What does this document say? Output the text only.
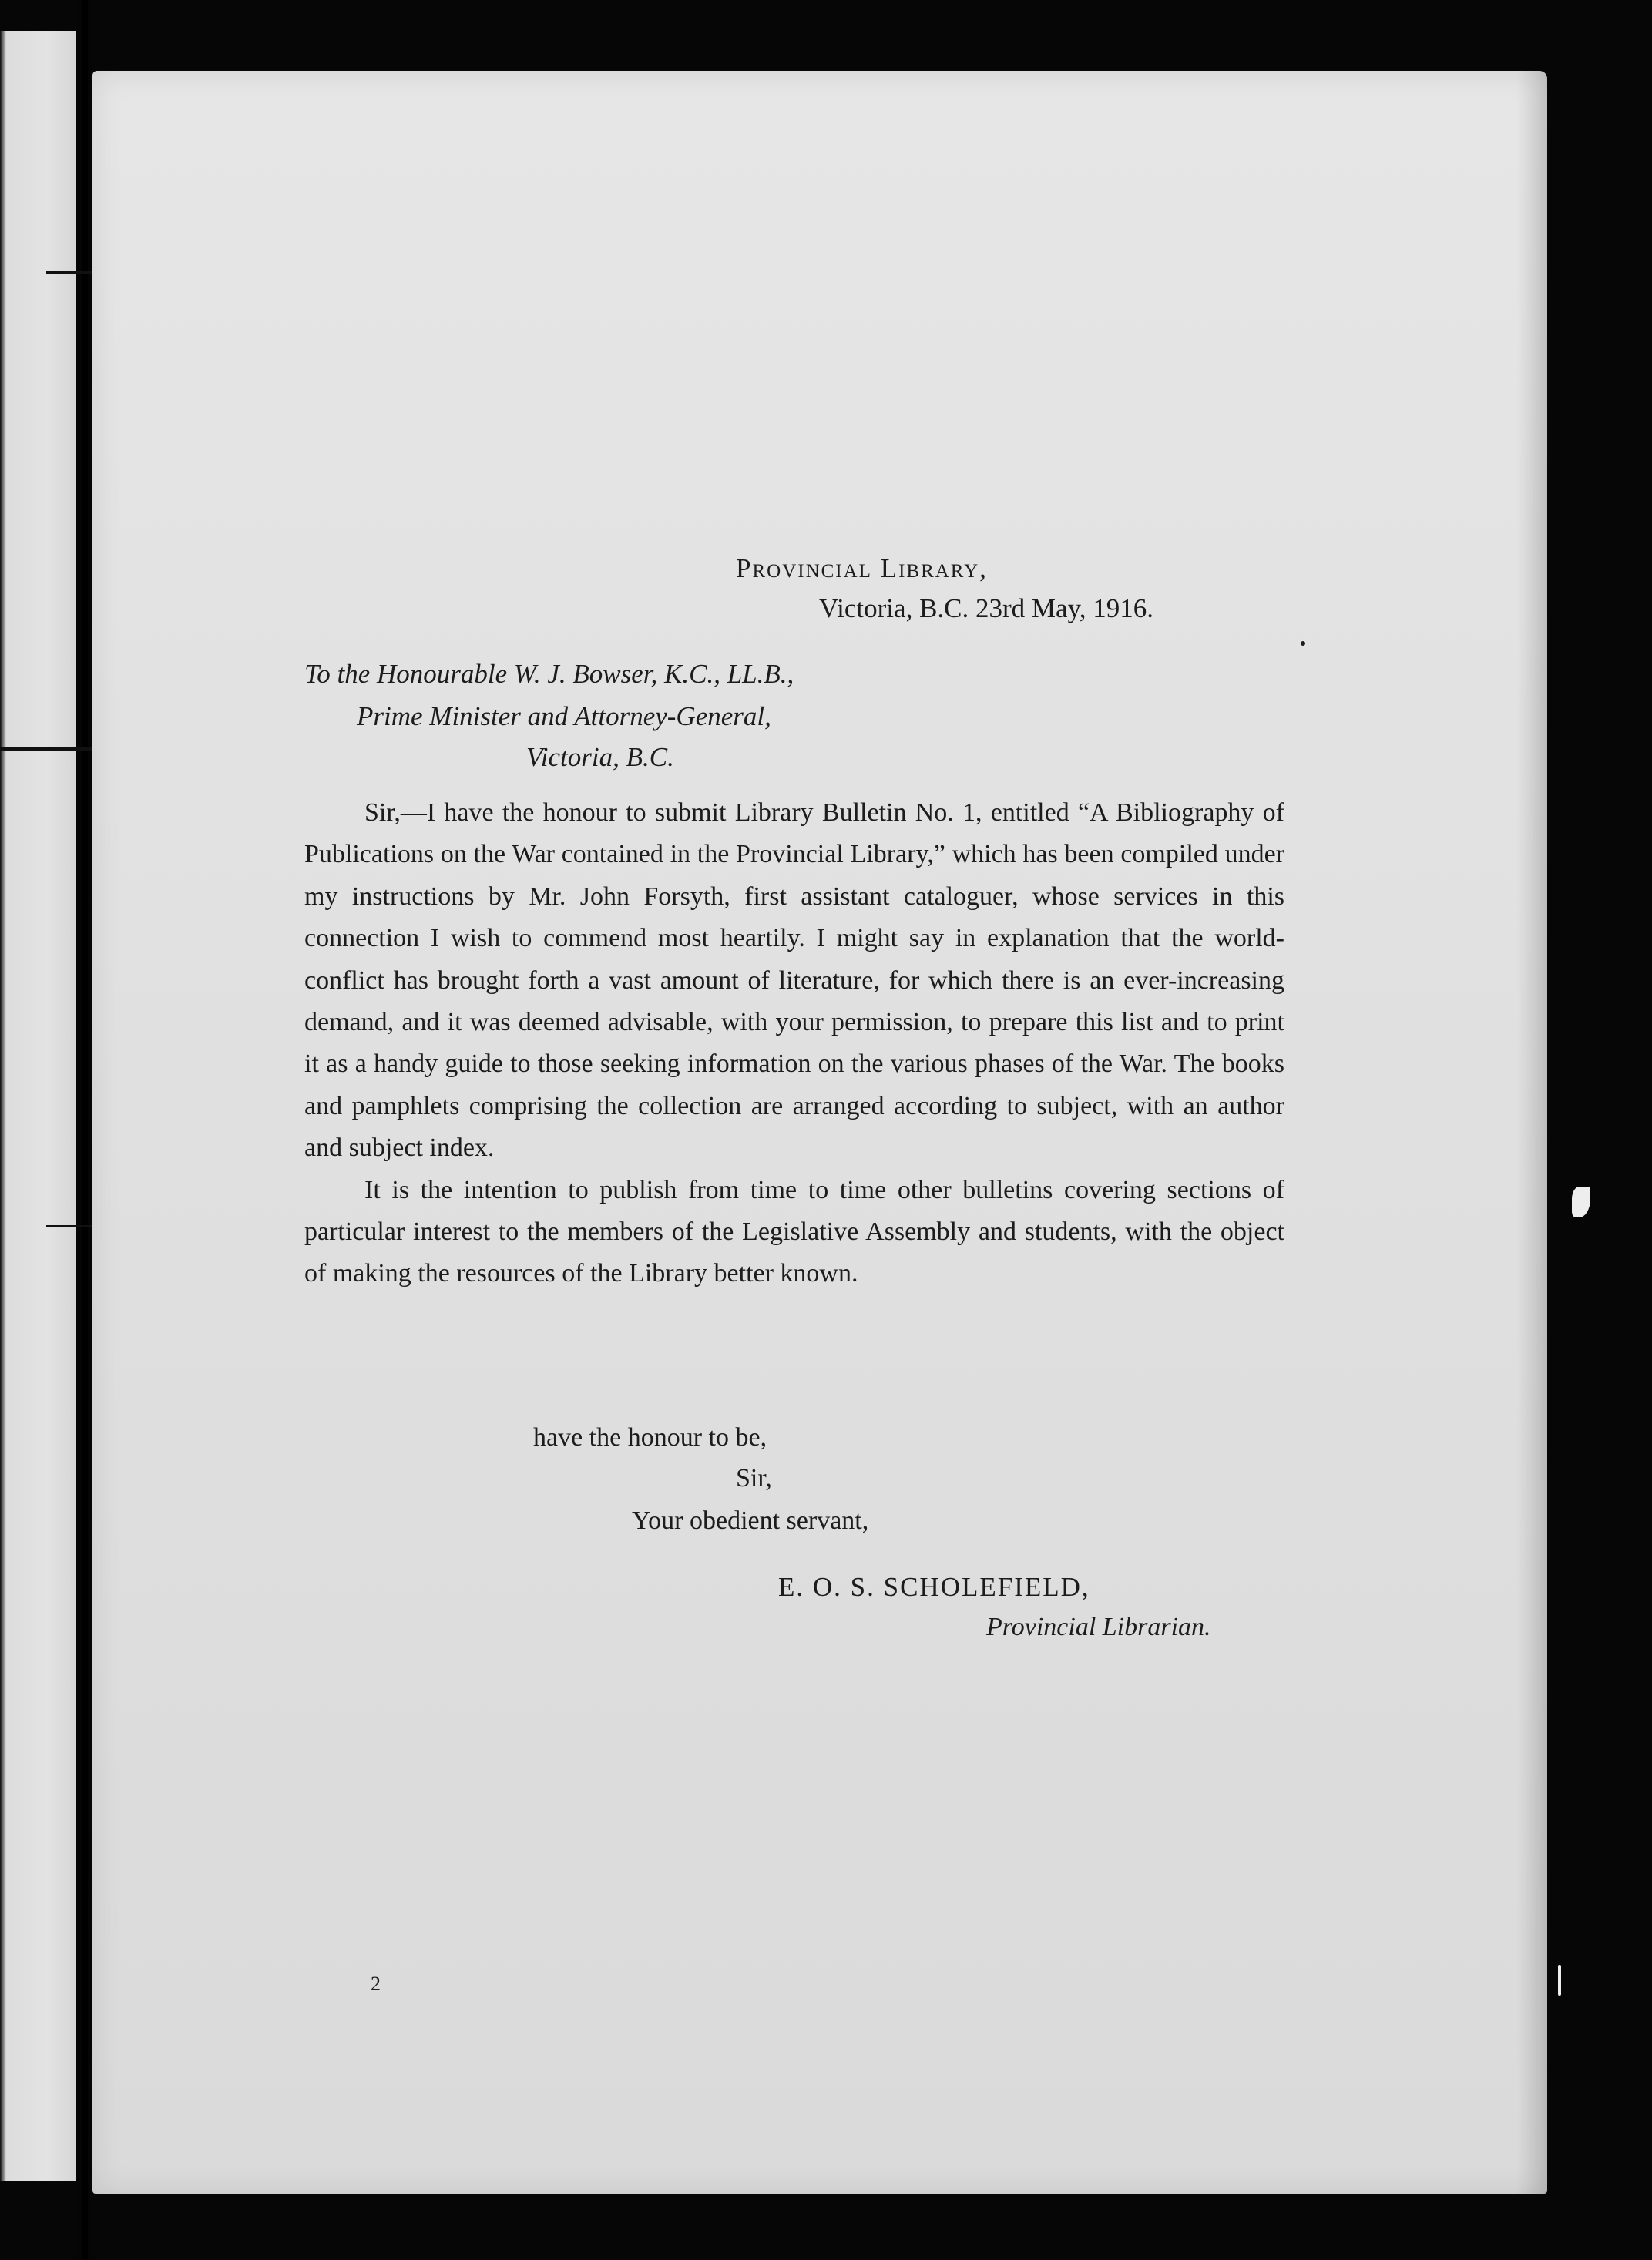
Provincial Library,
Victoria, B.C. 23rd May, 1916.
To the Honourable W. J. Bowser, K.C., LL.B.,
Prime Minister and Attorney-General,
Victoria, B.C.

Sir,—I have the honour to submit Library Bulletin No. 1, entitled “A Bibliography of Publications on the War contained in the Provincial Library,” which has been compiled under my instructions by Mr. John Forsyth, first assistant cataloguer, whose services in this connection I wish to commend most heartily. I might say in explanation that the world-conflict has brought forth a vast amount of literature, for which there is an ever-increasing demand, and it was deemed advisable, with your permission, to prepare this list and to print it as a handy guide to those seeking information on the various phases of the War. The books and pamphlets comprising the collection are arranged according to subject, with an author and subject index.

It is the intention to publish from time to time other bulletins covering sections of particular interest to the members of the Legislative Assembly and students, with the object of making the resources of the Library better known.

have the honour to be,
Sir,
Your obedient servant,
E. O. S. SCHOLEFIELD,
Provincial Librarian.
2
